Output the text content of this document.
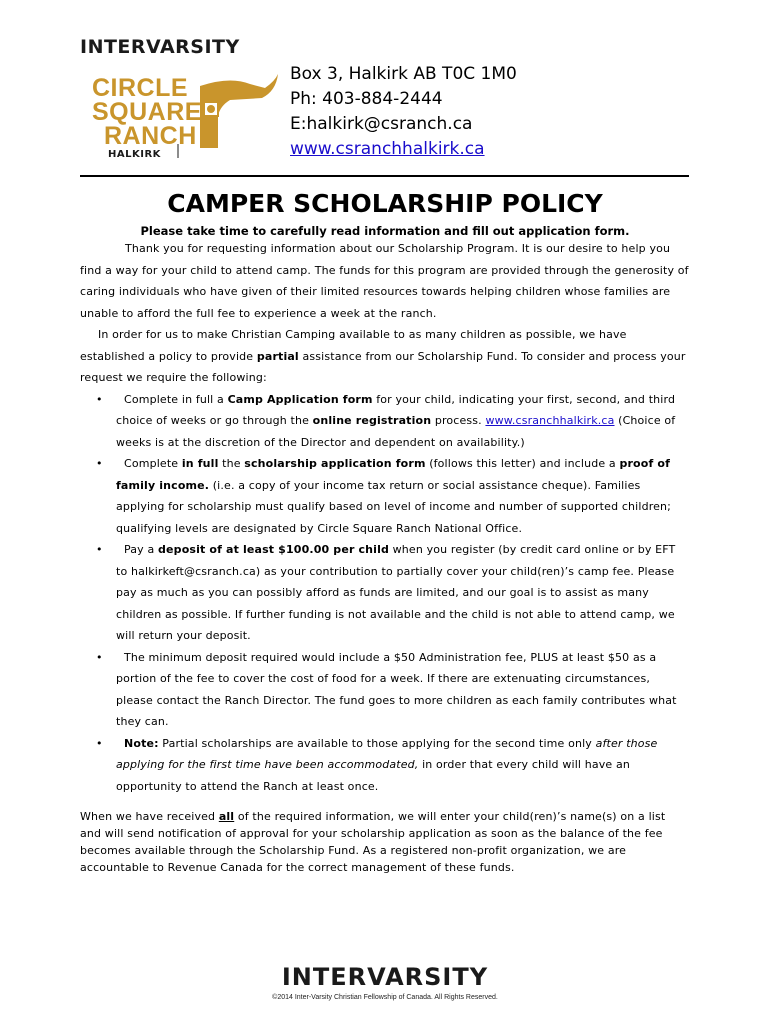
INTERVARSITY
CIRCLE
SQUARE
RANCH
HALKIRK
Box 3, Halkirk AB T0C 1M0
Ph: 403-884-2444
E:halkirk@csranch.ca
www.csranchhalkirk.ca
CAMPER SCHOLARSHIP POLICY
Please take time to carefully read information and fill out application form.

Thank you for requesting information about our Scholarship Program. It is our desire to help you find a way for your child to attend camp. The funds for this program are provided through the generosity of caring individuals who have given of their limited resources towards helping children whose families are unable to afford the full fee to experience a week at the ranch.

In order for us to make Christian Camping available to as many children as possible, we have established a policy to provide partial assistance from our Scholarship Fund. To consider and process your request we require the following:

• Complete in full a Camp Application form for your child, indicating your first, second, and third choice of weeks or go through the online registration process. www.csranchhalkirk.ca (Choice of weeks is at the discretion of the Director and dependent on availability.)
• Complete in full the scholarship application form (follows this letter) and include a proof of family income. (i.e. a copy of your income tax return or social assistance cheque). Families applying for scholarship must qualify based on level of income and number of supported children; qualifying levels are designated by Circle Square Ranch National Office.
• Pay a deposit of at least $100.00 per child when you register (by credit card online or by EFT to halkirkeft@csranch.ca) as your contribution to partially cover your child(ren)’s camp fee. Please pay as much as you can possibly afford as funds are limited, and our goal is to assist as many children as possible. If further funding is not available and the child is not able to attend camp, we will return your deposit.
• The minimum deposit required would include a $50 Administration fee, PLUS at least $50 as a portion of the fee to cover the cost of food for a week. If there are extenuating circumstances, please contact the Ranch Director. The fund goes to more children as each family contributes what they can.
• Note: Partial scholarships are available to those applying for the second time only after those applying for the first time have been accommodated, in order that every child will have an opportunity to attend the Ranch at least once.

When we have received all of the required information, we will enter your child(ren)’s name(s) on a list and will send notification of approval for your scholarship application as soon as the balance of the fee becomes available through the Scholarship Fund. As a registered non-profit organization, we are accountable to Revenue Canada for the correct management of these funds.

INTERVARSITY
©2014 Inter-Varsity Christian Fellowship of Canada. All Rights Reserved.
